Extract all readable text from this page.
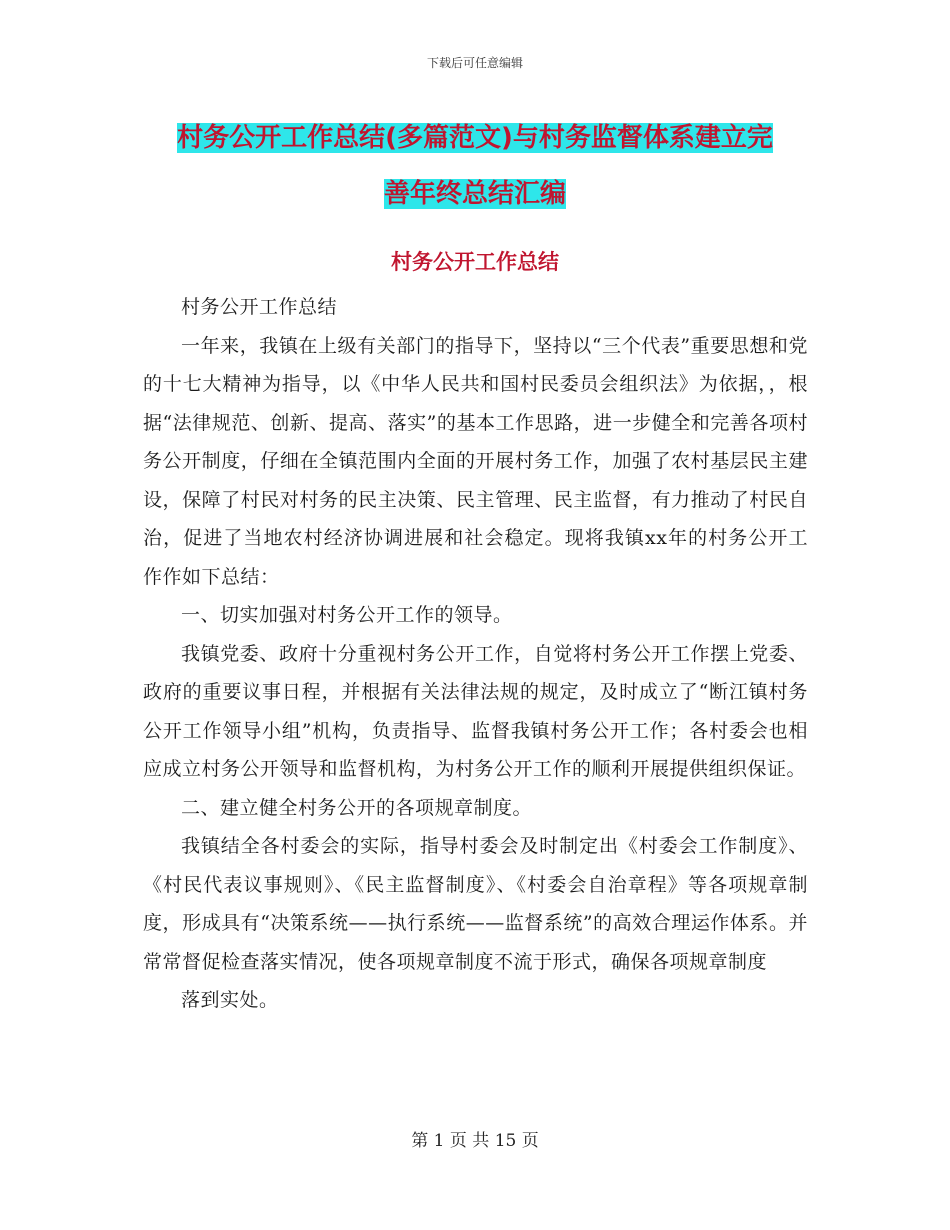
下载后可任意编辑
村务公开工作总结(多篇范文)与村务监督体系建立完
善年终总结汇编
村务公开工作总结

村务公开工作总结

一年来，我镇在上级有关部门的指导下，坚持以“三个代表”重要思想和党的十七大精神为指导，以《中华人民共和国村民委员会组织法》为依据，，根据“法律规范、创新、提高、落实”的基本工作思路，进一步健全和完善各项村务公开制度，仔细在全镇范围内全面的开展村务工作，加强了农村基层民主建设，保障了村民对村务的民主决策、民主管理、民主监督，有力推动了村民自治，促进了当地农村经济协调进展和社会稳定。现将我镇xx年的村务公开工作作如下总结：

一、切实加强对村务公开工作的领导。

我镇党委、政府十分重视村务公开工作，自觉将村务公开工作摆上党委、政府的重要议事日程，并根据有关法律法规的规定，及时成立了“断江镇村务公开工作领导小组”机构，负责指导、监督我镇村务公开工作；各村委会也相应成立村务公开领导和监督机构，为村务公开工作的顺利开展提供组织保证。

二、建立健全村务公开的各项规章制度。

我镇结全各村委会的实际，指导村委会及时制定出《村委会工作制度》、《村民代表议事规则》、《民主监督制度》、《村委会自治章程》等各项规章制度，形成具有“决策系统——执行系统——监督系统”的高效合理运作体系。并常常督促检查落实情况，使各项规章制度不流于形式，确保各项规章制度

落到实处。

第 1 页 共 15 页
